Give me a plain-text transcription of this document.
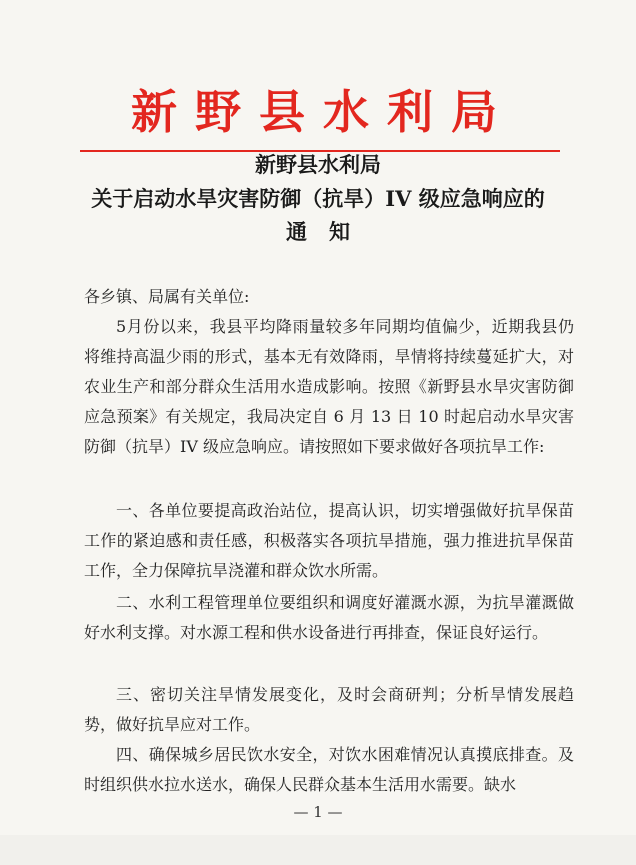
新野县水利局
新野县水利局
关于启动水旱灾害防御（抗旱）IV 级应急响应的
通知
各乡镇、局属有关单位:

5月份以来，我县平均降雨量较多年同期均值偏少，近期我县仍将维持高温少雨的形式，基本无有效降雨，旱情将持续蔓延扩大，对农业生产和部分群众生活用水造成影响。按照《新野县水旱灾害防御应急预案》有关规定，我局决定自 6 月 13 日 10 时起启动水旱灾害防御（抗旱）IV 级应急响应。请按照如下要求做好各项抗旱工作:

一、各单位要提高政治站位，提高认识，切实增强做好抗旱保苗工作的紧迫感和责任感，积极落实各项抗旱措施，强力推进抗旱保苗工作，全力保障抗旱浇灌和群众饮水所需。

二、水利工程管理单位要组织和调度好灌溉水源，为抗旱灌溉做好水利支撑。对水源工程和供水设备进行再排查，保证良好运行。

三、密切关注旱情发展变化，及时会商研判；分析旱情发展趋势，做好抗旱应对工作。

四、确保城乡居民饮水安全，对饮水困难情况认真摸底排查。及时组织供水拉水送水，确保人民群众基本生活用水需要。缺水

— 1 —
